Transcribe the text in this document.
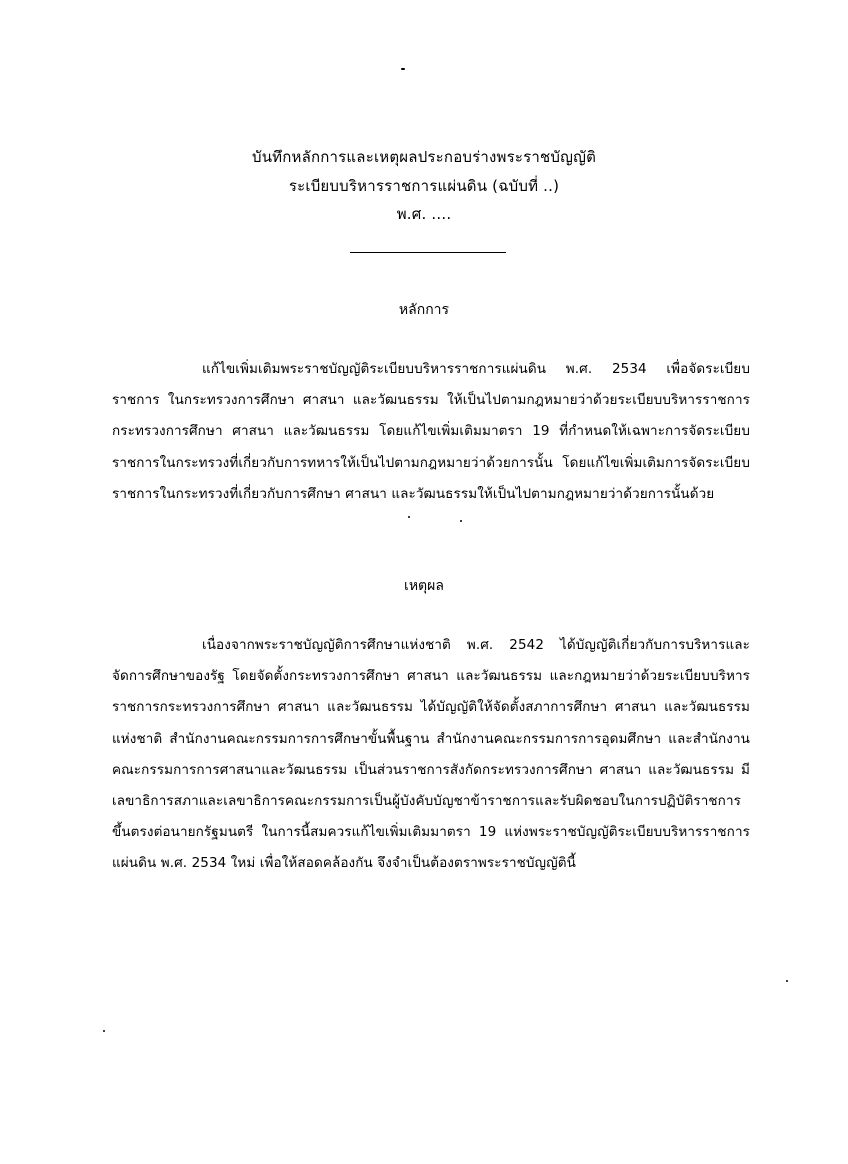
บันทึกหลักการและเหตุผลประกอบร่างพระราชบัญญัติ
ระเบียบบริหารราชการแผ่นดิน (ฉบับที่ ..)
พ.ศ. ....
หลักการ
แก้ไขเพิ่มเติมพระราชบัญญัติระเบียบบริหารราชการแผ่นดิน พ.ศ. 2534 เพื่อจัดระเบียบราชการ ในกระทรวงการศึกษา ศาสนา และวัฒนธรรม ให้เป็นไปตามกฎหมายว่าด้วยระเบียบบริหารราชการกระทรวงการศึกษา ศาสนา และวัฒนธรรม โดยแก้ไขเพิ่มเติมมาตรา 19 ที่กำหนดให้เฉพาะการจัดระเบียบราชการในกระทรวงที่เกี่ยวกับการทหารให้เป็นไปตามกฎหมายว่าด้วยการนั้น โดยแก้ไขเพิ่มเติมการจัดระเบียบราชการในกระทรวงที่เกี่ยวกับการศึกษา ศาสนา และวัฒนธรรมให้เป็นไปตามกฎหมายว่าด้วยการนั้นด้วย
เหตุผล
เนื่องจากพระราชบัญญัติการศึกษาแห่งชาติ พ.ศ. 2542 ได้บัญญัติเกี่ยวกับการบริหารและจัดการศึกษาของรัฐ โดยจัดตั้งกระทรวงการศึกษา ศาสนา และวัฒนธรรม และกฎหมายว่าด้วยระเบียบบริหารราชการกระทรวงการศึกษา ศาสนา และวัฒนธรรม ได้บัญญัติให้จัดตั้งสภาการศึกษา ศาสนา และวัฒนธรรมแห่งชาติ สำนักงานคณะกรรมการการศึกษาขั้นพื้นฐาน สำนักงานคณะกรรมการการอุดมศึกษา และสำนักงานคณะกรรมการการศาสนาและวัฒนธรรม เป็นส่วนราชการสังกัดกระทรวงการศึกษา ศาสนา และวัฒนธรรม มีเลขาธิการสภาและเลขาธิการคณะกรรมการเป็นผู้บังคับบัญชาข้าราชการและรับผิดชอบในการปฏิบัติราชการขึ้นตรงต่อนายกรัฐมนตรี ในการนี้สมควรแก้ไขเพิ่มเติมมาตรา 19 แห่งพระราชบัญญัติระเบียบบริหารราชการแผ่นดิน พ.ศ. 2534 ใหม่ เพื่อให้สอดคล้องกัน จึงจำเป็นต้องตราพระราชบัญญัตินี้
